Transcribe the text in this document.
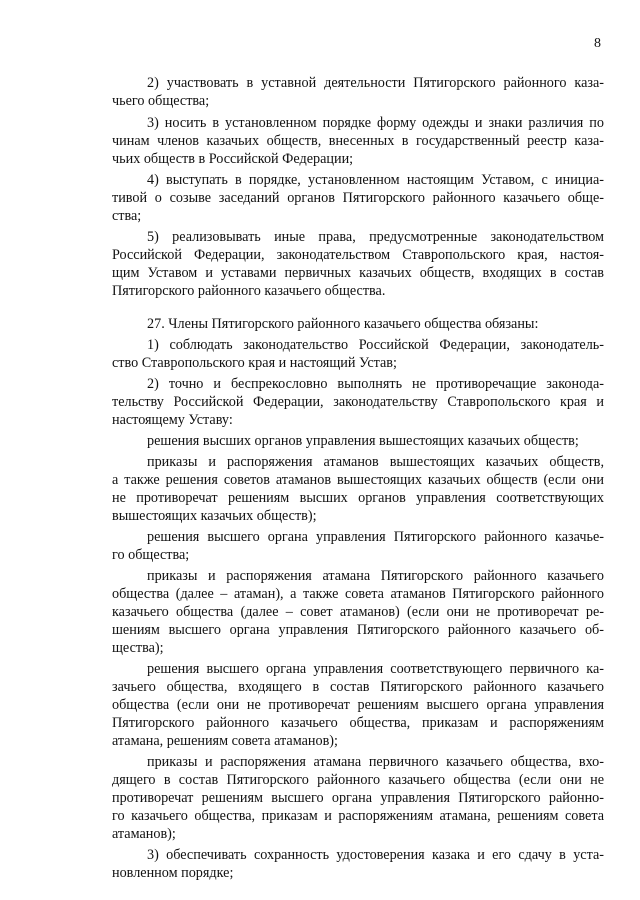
8
2) участвовать в уставной деятельности Пятигорского районного каза-
чьего общества;
3) носить в установленном порядке форму одежды и знаки различия по
чинам членов казачьих обществ, внесенных в государственный реестр каза-
чьих обществ в Российской Федерации;
4) выступать в порядке, установленном настоящим Уставом, с инициа-
тивой о созыве заседаний органов Пятигорского районного казачьего обще-
ства;
5) реализовывать иные права, предусмотренные законодательством
Российской Федерации, законодательством Ставропольского края, настоя-
щим Уставом и уставами первичных казачьих обществ, входящих в состав
Пятигорского районного казачьего общества.
27. Члены Пятигорского районного казачьего общества обязаны:
1) соблюдать законодательство Российской Федерации, законодатель-
ство Ставропольского края и настоящий Устав;
2) точно и беспрекословно выполнять не противоречащие законода-
тельству Российской Федерации, законодательству Ставропольского края и
настоящему Уставу:
решения высших органов управления вышестоящих казачьих обществ;
приказы и распоряжения атаманов вышестоящих казачьих обществ,
а также решения советов атаманов вышестоящих казачьих обществ (если они
не противоречат решениям высших органов управления соответствующих
вышестоящих казачьих обществ);
решения высшего органа управления Пятигорского районного казачье-
го общества;
приказы и распоряжения атамана Пятигорского районного казачьего
общества (далее – атаман), а также совета атаманов Пятигорского районного
казачьего общества (далее – совет атаманов) (если они не противоречат ре-
шениям высшего органа управления Пятигорского районного казачьего об-
щества);
решения высшего органа управления соответствующего первичного ка-
зачьего общества, входящего в состав Пятигорского районного казачьего
общества (если они не противоречат решениям высшего органа управления
Пятигорского районного казачьего общества, приказам и распоряжениям
атамана, решениям совета атаманов);
приказы и распоряжения атамана первичного казачьего общества, вхо-
дящего в состав Пятигорского районного казачьего общества (если они не
противоречат решениям высшего органа управления Пятигорского районно-
го казачьего общества, приказам и распоряжениям атамана, решениям совета
атаманов);
3) обеспечивать сохранность удостоверения казака и его сдачу в уста-
новленном порядке;
